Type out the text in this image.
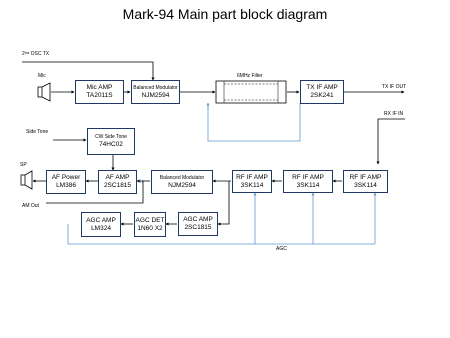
×
Mark-94 Main part block diagram
2nd OSC TX
Mic	6MHz Filter
TX IF OUT
RX IF IN
Side Tone
SP
AM Out
AGC
Mic AMP
TA2011S
Balanced Modulator
NJM2594
TX IF AMP
2SK241
CW Side Tone
74HC02
AF Power
LM386
AF AMP
2SC1815
Balanced Modulator
NJM2594
RF IF AMP
3SK114
RF IF AMP
3SK114
RF IF AMP
3SK114
AGC AMP
LM324
AGC DET
1N60 X2
AGC AMP
2SC1815
